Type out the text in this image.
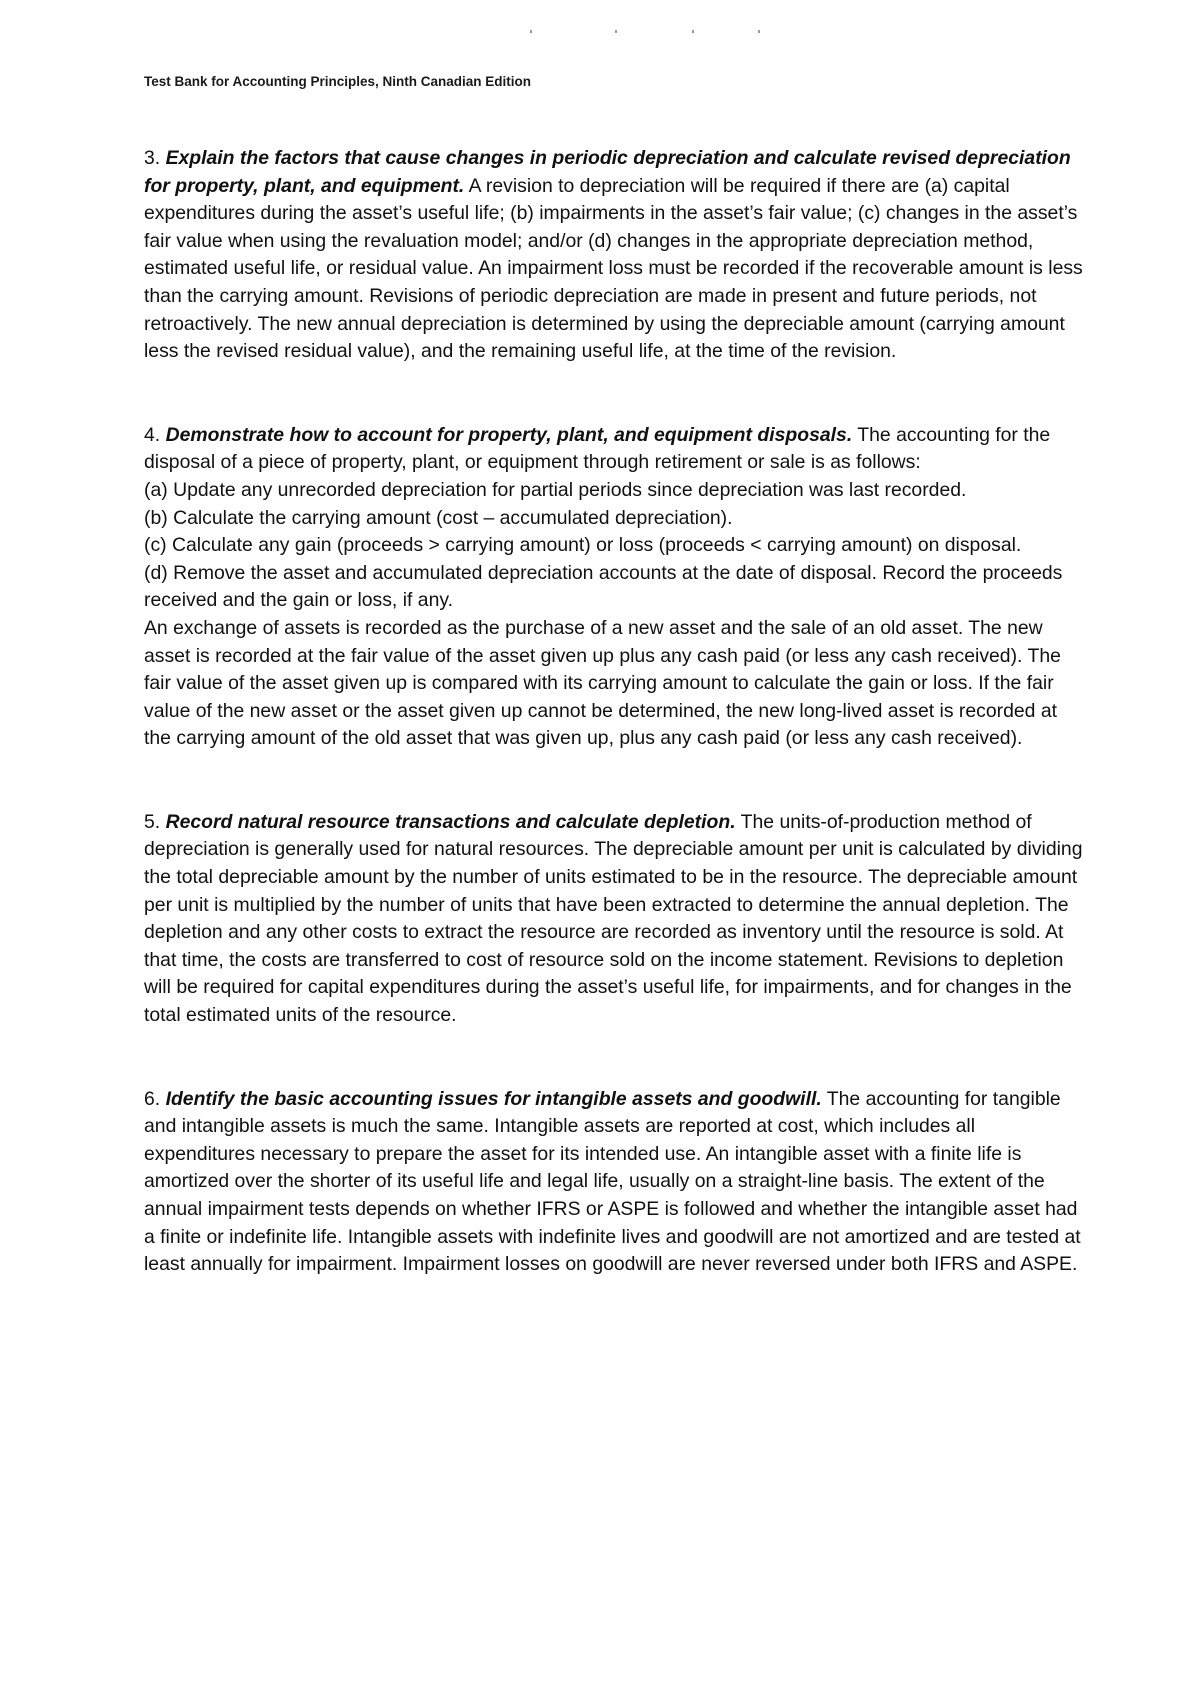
Test Bank for Accounting Principles, Ninth Canadian Edition

3. Explain the factors that cause changes in periodic depreciation and calculate revised depreciation for property, plant, and equipment. A revision to depreciation will be required if there are (a) capital expenditures during the asset’s useful life; (b) impairments in the asset’s fair value; (c) changes in the asset’s fair value when using the revaluation model; and/or (d) changes in the appropriate depreciation method, estimated useful life, or residual value. An impairment loss must be recorded if the recoverable amount is less than the carrying amount. Revisions of periodic depreciation are made in present and future periods, not retroactively. The new annual depreciation is determined by using the depreciable amount (carrying amount less the revised residual value), and the remaining useful life, at the time of the revision.

4. Demonstrate how to account for property, plant, and equipment disposals. The accounting for the disposal of a piece of property, plant, or equipment through retirement or sale is as follows:

(a) Update any unrecorded depreciation for partial periods since depreciation was last recorded.

(b) Calculate the carrying amount (cost – accumulated depreciation).

(c) Calculate any gain (proceeds > carrying amount) or loss (proceeds < carrying amount) on disposal.

(d) Remove the asset and accumulated depreciation accounts at the date of disposal. Record the proceeds received and the gain or loss, if any.

An exchange of assets is recorded as the purchase of a new asset and the sale of an old asset. The new asset is recorded at the fair value of the asset given up plus any cash paid (or less any cash received). The fair value of the asset given up is compared with its carrying amount to calculate the gain or loss. If the fair value of the new asset or the asset given up cannot be determined, the new long-lived asset is recorded at the carrying amount of the old asset that was given up, plus any cash paid (or less any cash received).

5. Record natural resource transactions and calculate depletion. The units-of-production method of depreciation is generally used for natural resources. The depreciable amount per unit is calculated by dividing the total depreciable amount by the number of units estimated to be in the resource. The depreciable amount per unit is multiplied by the number of units that have been extracted to determine the annual depletion. The depletion and any other costs to extract the resource are recorded as inventory until the resource is sold. At that time, the costs are transferred to cost of resource sold on the income statement. Revisions to depletion will be required for capital expenditures during the asset’s useful life, for impairments, and for changes in the total estimated units of the resource.

6. Identify the basic accounting issues for intangible assets and goodwill. The accounting for tangible and intangible assets is much the same. Intangible assets are reported at cost, which includes all expenditures necessary to prepare the asset for its intended use. An intangible asset with a finite life is amortized over the shorter of its useful life and legal life, usually on a straight-line basis. The extent of the annual impairment tests depends on whether IFRS or ASPE is followed and whether the intangible asset had a finite or indefinite life. Intangible assets with indefinite lives and goodwill are not amortized and are tested at least annually for impairment. Impairment losses on goodwill are never reversed under both IFRS and ASPE.
